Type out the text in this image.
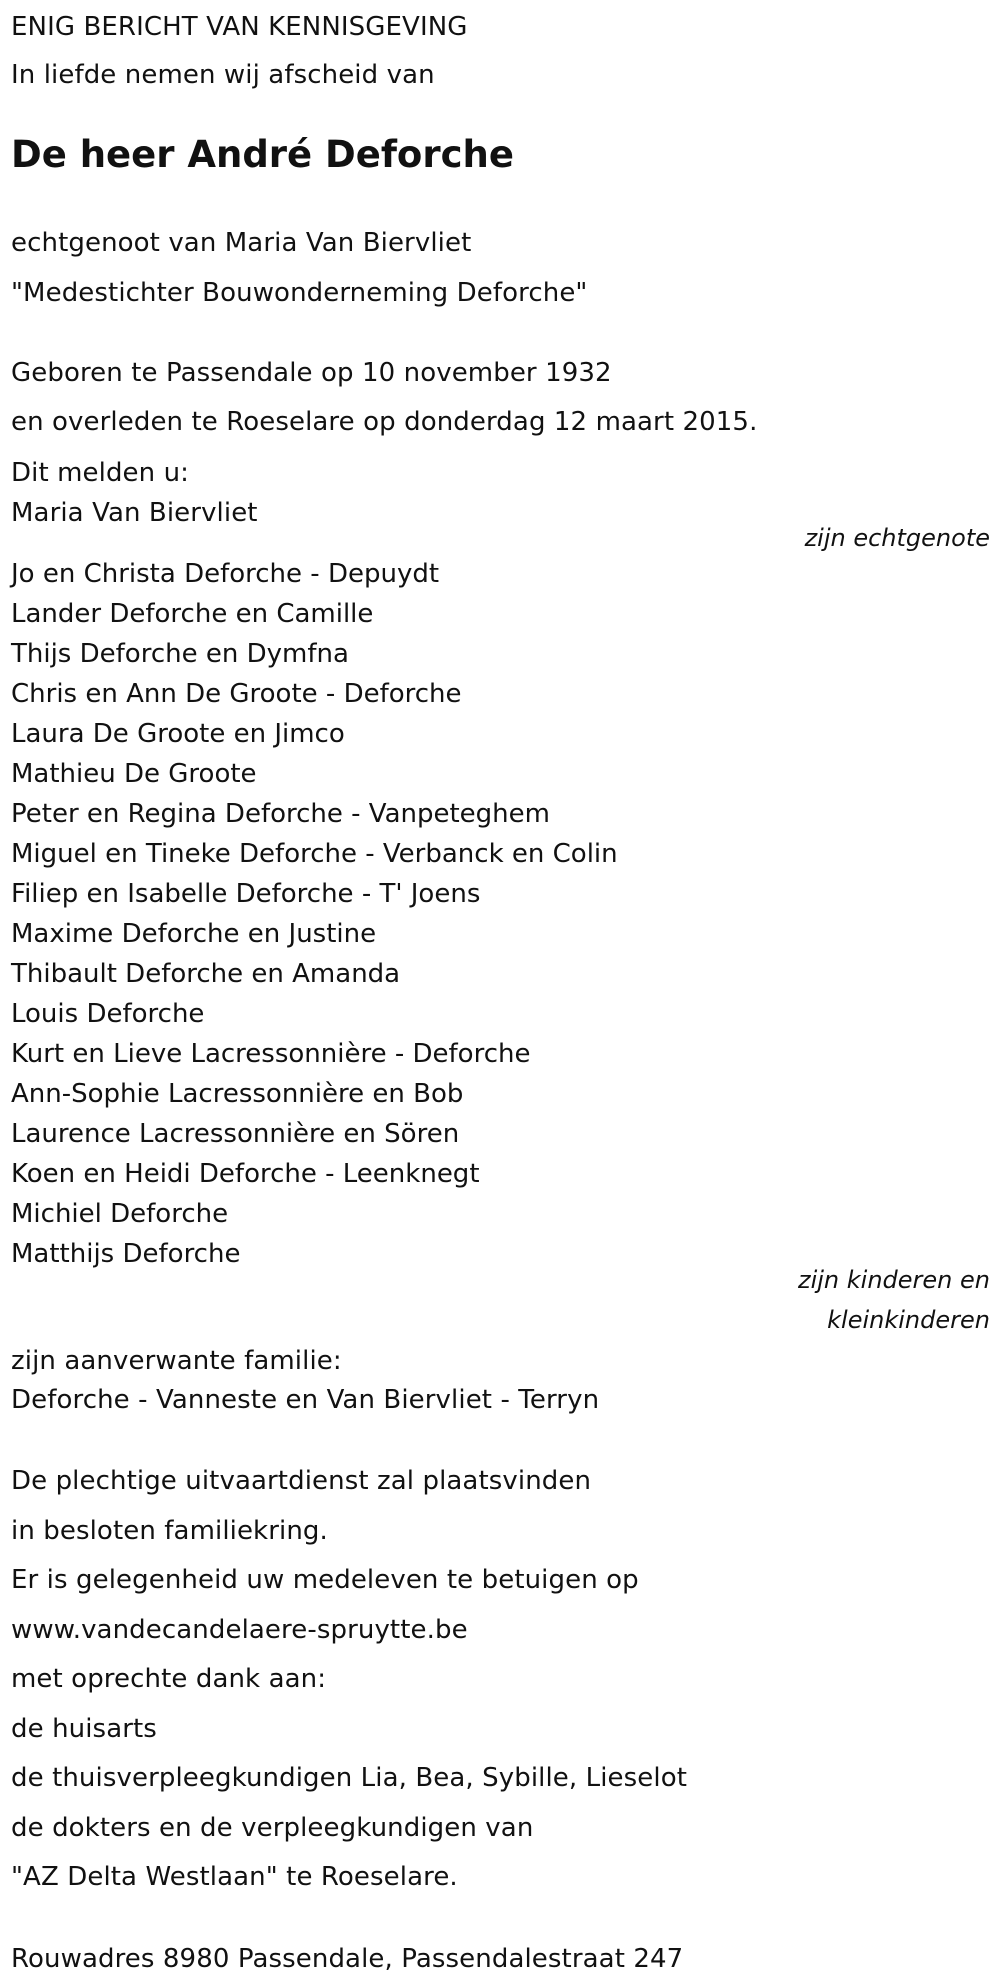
ENIG BERICHT VAN KENNISGEVING
In liefde nemen wij afscheid van
De heer André Deforche
echtgenoot van Maria Van Biervliet
"Medestichter Bouwonderneming Deforche"
Geboren te Passendale op 10 november 1932
en overleden te Roeselare op donderdag 12 maart 2015.
Dit melden u:
Maria Van Biervliet
zijn echtgenote
Jo en Christa Deforche - Depuydt
Lander Deforche en Camille
Thijs Deforche en Dymfna
Chris en Ann De Groote - Deforche
Laura De Groote en Jimco
Mathieu De Groote
Peter en Regina Deforche - Vanpeteghem
Miguel en Tineke Deforche - Verbanck en Colin
Filiep en Isabelle Deforche - T' Joens
Maxime Deforche en Justine
Thibault Deforche en Amanda
Louis Deforche
Kurt en Lieve Lacressonnière - Deforche
Ann-Sophie Lacressonnière en Bob
Laurence Lacressonnière en Sören
Koen en Heidi Deforche - Leenknegt
Michiel Deforche
Matthijs Deforche
zijn kinderen en
kleinkinderen
zijn aanverwante familie:
Deforche - Vanneste en Van Biervliet - Terryn
De plechtige uitvaartdienst zal plaatsvinden
in besloten familiekring.
Er is gelegenheid uw medeleven te betuigen op
www.vandecandelaere-spruytte.be
met oprechte dank aan:
de huisarts
de thuisverpleegkundigen Lia, Bea, Sybille, Lieselot
de dokters en de verpleegkundigen van
"AZ Delta Westlaan" te Roeselare.
Rouwadres 8980 Passendale, Passendalestraat 247
